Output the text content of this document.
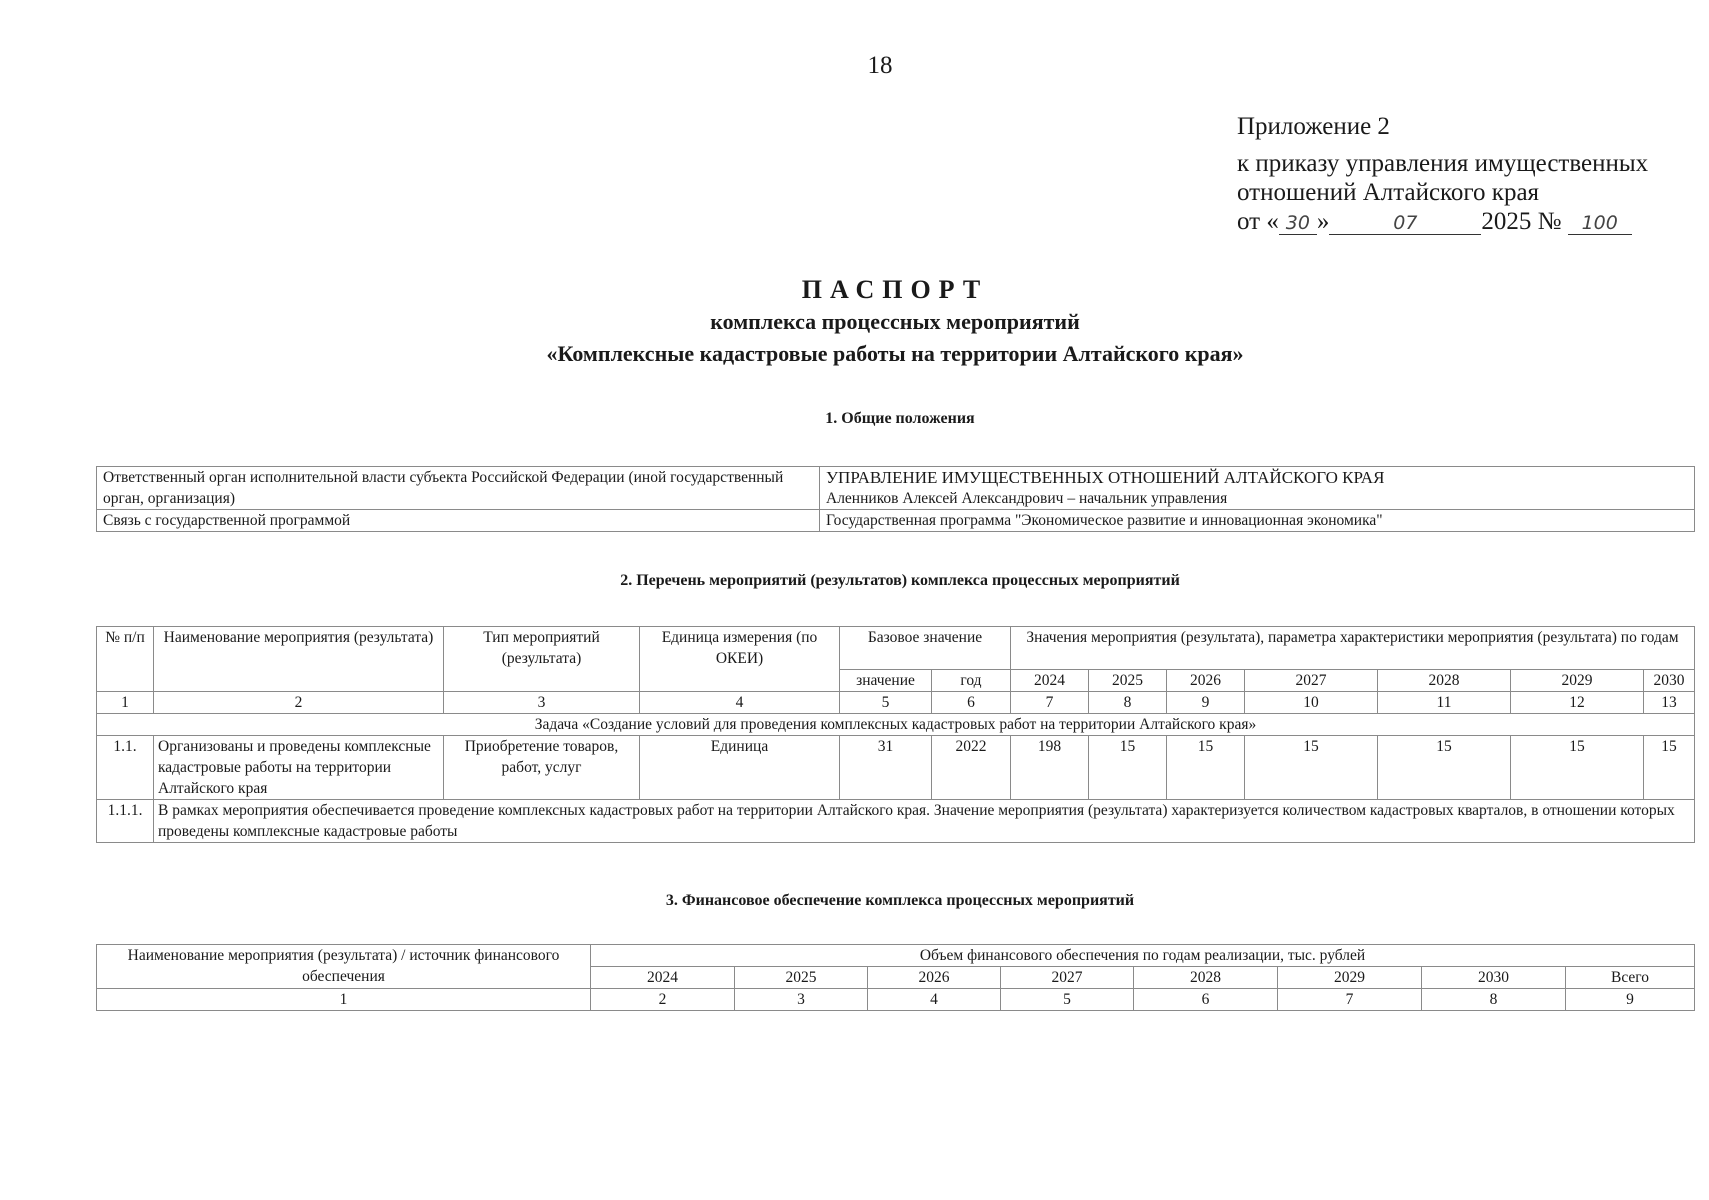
18
Приложение 2
к приказу управления имущественных
отношений Алтайского края
от « 30 »	07	2025 № 100
ПАСПОРТ
комплекса процессных мероприятий
«Комплексные кадастровые работы на территории Алтайского края»
1. Общие положения
Ответственный орган исполнительной власти субъекта Российской Федерации (иной государственный орган, организация)	УПРАВЛЕНИЕ ИМУЩЕСТВЕННЫХ ОТНОШЕНИЙ АЛТАЙСКОГО КРАЯ
Аленников Алексей Александрович – начальник управления

Связь с государственной программой	Государственная программа "Экономическое развитие и инновационная экономика"
2. Перечень мероприятий (результатов) комплекса процессных мероприятий
№ п/п	Наименование мероприятия (результата)	Тип мероприятий (результата)	Единица измерения (по ОКЕИ)	Базовое значение		Значения мероприятия (результата), параметра характеристики мероприятия (результата) по годам						
				значение	год	2024	2025	2026	2027	2028	2029	2030
1	2	3	4	5	6	7	8	9	10	11	12	13
Задача «Создание условий для проведения комплексных кадастровых работ на территории Алтайского края»												
1.1.	Организованы и проведены комплексные кадастровые работы на территории Алтайского края	Приобретение товаров, работ, услуг	Единица	31	2022	198	15	15	15	15	15	15
1.1.1.	В рамках мероприятия обеспечивается проведение комплексных кадастровых работ на территории Алтайского края. Значение мероприятия (результата) характеризуется количеством кадастровых кварталов, в отношении которых проведены комплексные кадастровые работы											
3. Финансовое обеспечение комплекса процессных мероприятий
Наименование мероприятия (результата) / источник финансового обеспечения	Объем финансового обеспечения по годам реализации, тыс. рублей							
	2024	2025	2026	2027	2028	2029	2030	Всего
1	2	3	4	5	6	7	8	9
